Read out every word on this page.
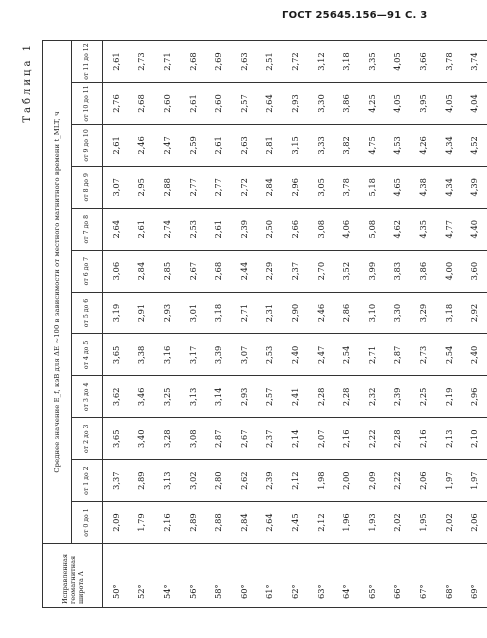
ГОСТ 25645.156—91 С. 3
Таблица 1
Исправленная геомагнитная широта Λ	Среднее значение E_f, кэВ для ΔЕ ~100 в зависимости от местного магнитного времени t_MLT, ч											
	от 0 до 1	от 1 до 2	от 2 до 3	от 3 до 4	от 4 до 5	от 5 до 6	от 6 до 7	от 7 до 8	от 8 до 9	от 9 до 10	от 10 до 11	от 11 до 12
50°	2,09	3,37	3,65	3,62	3,65	3,19	3,06	2,64	3,07	2,61	2,76	2,61
52°	1,79	2,89	3,40	3,46	3,38	2,91	2,84	2,61	2,95	2,46	2,68	2,73
54°	2,16	3,13	3,28	3,25	3,16	2,93	2,85	2,74	2,88	2,47	2,60	2,71
56°	2,89	3,02	3,08	3,13	3,17	3,01	2,67	2,53	2,77	2,59	2,61	2,68
58°	2,88	2,80	2,87	3,14	3,39	3,18	2,68	2,61	2,77	2,61	2,60	2,69
60°	2,84	2,62	2,67	2,93	3,07	2,71	2,44	2,39	2,72	2,63	2,57	2,63
61°	2,64	2,39	2,37	2,57	2,53	2,31	2,29	2,50	2,84	2,81	2,64	2,51
62°	2,45	2,12	2,14	2,41	2,40	2,90	2,37	2,66	2,96	3,15	2,93	2,72
63°	2,12	1,98	2,07	2,28	2,47	2,46	2,70	3,08	3,05	3,33	3,30	3,12
64°	1,96	2,00	2,16	2,28	2,54	2,86	3,52	4,06	3,78	3,82	3,86	3,18
65°	1,93	2,09	2,22	2,32	2,71	3,10	3,99	5,08	5,18	4,75	4,25	3,35
66°	2,02	2,22	2,28	2,39	2,87	3,30	3,83	4,62	4,65	4,53	4,05	4,05
67°	1,95	2,06	2,16	2,25	2,73	3,29	3,86	4,35	4,38	4,26	3,95	3,66
68°	2,02	1,97	2,13	2,19	2,54	3,18	4,00	4,77	4,34	4,34	4,05	3,78
69°	2,06	1,97	2,10	2,96	2,40	2,92	3,60	4,40	4,39	4,52	4,04	3,74
